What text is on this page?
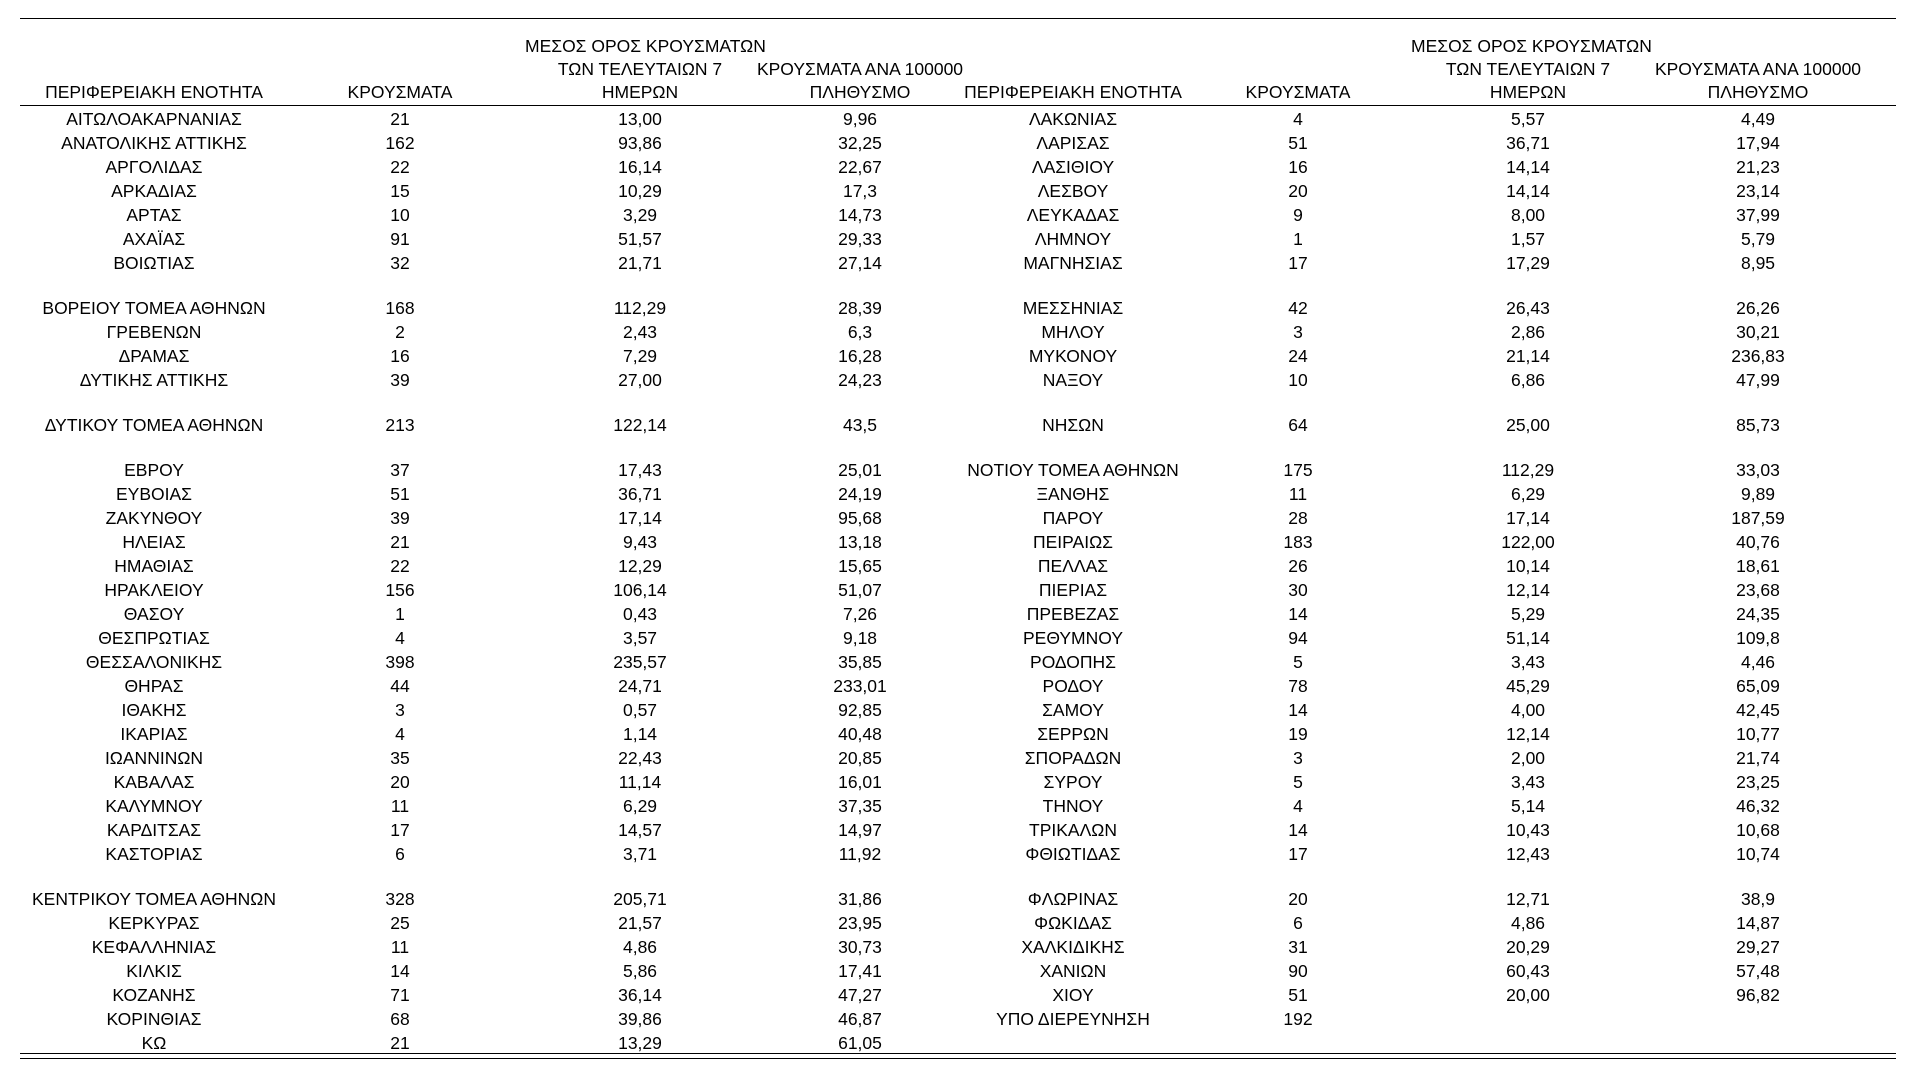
ΠΕΡΙΦΕΡΕΙΑΚΗ ΕΝΟΤΗΤΑ	ΚΡΟΥΣΜΑΤΑ
ΜΕΣΟΣ ΟΡΟΣ ΚΡΟΥΣΜΑΤΩΝ
ΤΩΝ ΤΕΛΕΥΤΑΙΩΝ 7
ΗΜΕΡΩΝ
ΚΡΟΥΣΜΑΤΑ ΑΝΑ 100000
ΠΛΗΘΥΣΜΟ
ΑΙΤΩΛΟΑΚΑΡΝΑΝΙΑΣ	21	13,00	9,96
ΑΝΑΤΟΛΙΚΗΣ ΑΤΤΙΚΗΣ	162	93,86	32,25
ΑΡΓΟΛΙΔΑΣ	22	16,14	22,67
ΑΡΚΑΔΙΑΣ	15	10,29	17,3
ΑΡΤΑΣ	10	3,29	14,73
ΑΧΑΪΑΣ	91	51,57	29,33
ΒΟΙΩΤΙΑΣ	32	21,71	27,14
ΒΟΡΕΙΟΥ ΤΟΜΕΑ ΑΘΗΝΩΝ	168	112,29	28,39
ΓΡΕΒΕΝΩΝ	2	2,43	6,3
ΔΡΑΜΑΣ	16	7,29	16,28
ΔΥΤΙΚΗΣ ΑΤΤΙΚΗΣ	39	27,00	24,23
ΔΥΤΙΚΟΥ ΤΟΜΕΑ ΑΘΗΝΩΝ	213	122,14	43,5
ΕΒΡΟΥ	37	17,43	25,01
ΕΥΒΟΙΑΣ	51	36,71	24,19
ΖΑΚΥΝΘΟΥ	39	17,14	95,68
ΗΛΕΙΑΣ	21	9,43	13,18
ΗΜΑΘΙΑΣ	22	12,29	15,65
ΗΡΑΚΛΕΙΟΥ	156	106,14	51,07
ΘΑΣΟΥ	1	0,43	7,26
ΘΕΣΠΡΩΤΙΑΣ	4	3,57	9,18
ΘΕΣΣΑΛΟΝΙΚΗΣ	398	235,57	35,85
ΘΗΡΑΣ	44	24,71	233,01
ΙΘΑΚΗΣ	3	0,57	92,85
ΙΚΑΡΙΑΣ	4	1,14	40,48
ΙΩΑΝΝΙΝΩΝ	35	22,43	20,85
ΚΑΒΑΛΑΣ	20	11,14	16,01
ΚΑΛΥΜΝΟΥ	11	6,29	37,35
ΚΑΡΔΙΤΣΑΣ	17	14,57	14,97
ΚΑΣΤΟΡΙΑΣ	6	3,71	11,92
ΚΕΝΤΡΙΚΟΥ ΤΟΜΕΑ ΑΘΗΝΩΝ	328	205,71	31,86
ΚΕΡΚΥΡΑΣ	25	21,57	23,95
ΚΕΦΑΛΛΗΝΙΑΣ	11	4,86	30,73
ΚΙΛΚΙΣ	14	5,86	17,41
ΚΟΖΑΝΗΣ	71	36,14	47,27
ΚΟΡΙΝΘΙΑΣ	68	39,86	46,87
ΚΩ	21	13,29	61,05
ΠΕΡΙΦΕΡΕΙΑΚΗ ΕΝΟΤΗΤΑ	ΚΡΟΥΣΜΑΤΑ
ΜΕΣΟΣ ΟΡΟΣ ΚΡΟΥΣΜΑΤΩΝ
ΤΩΝ ΤΕΛΕΥΤΑΙΩΝ 7
ΗΜΕΡΩΝ
ΚΡΟΥΣΜΑΤΑ ΑΝΑ 100000
ΠΛΗΘΥΣΜΟ
ΛΑΚΩΝΙΑΣ	4	5,57	4,49
ΛΑΡΙΣΑΣ	51	36,71	17,94
ΛΑΣΙΘΙΟΥ	16	14,14	21,23
ΛΕΣΒΟΥ	20	14,14	23,14
ΛΕΥΚΑΔΑΣ	9	8,00	37,99
ΛΗΜΝΟΥ	1	1,57	5,79
ΜΑΓΝΗΣΙΑΣ	17	17,29	8,95
ΜΕΣΣΗΝΙΑΣ	42	26,43	26,26
ΜΗΛΟΥ	3	2,86	30,21
ΜΥΚΟΝΟΥ	24	21,14	236,83
ΝΑΞΟΥ	10	6,86	47,99
ΝΗΣΩΝ	64	25,00	85,73
ΝΟΤΙΟΥ ΤΟΜΕΑ ΑΘΗΝΩΝ	175	112,29	33,03
ΞΑΝΘΗΣ	11	6,29	9,89
ΠΑΡΟΥ	28	17,14	187,59
ΠΕΙΡΑΙΩΣ	183	122,00	40,76
ΠΕΛΛΑΣ	26	10,14	18,61
ΠΙΕΡΙΑΣ	30	12,14	23,68
ΠΡΕΒΕΖΑΣ	14	5,29	24,35
ΡΕΘΥΜΝΟΥ	94	51,14	109,8
ΡΟΔΟΠΗΣ	5	3,43	4,46
ΡΟΔΟΥ	78	45,29	65,09
ΣΑΜΟΥ	14	4,00	42,45
ΣΕΡΡΩΝ	19	12,14	10,77
ΣΠΟΡΑΔΩΝ	3	2,00	21,74
ΣΥΡΟΥ	5	3,43	23,25
ΤΗΝΟΥ	4	5,14	46,32
ΤΡΙΚΑΛΩΝ	14	10,43	10,68
ΦΘΙΩΤΙΔΑΣ	17	12,43	10,74
ΦΛΩΡΙΝΑΣ	20	12,71	38,9
ΦΩΚΙΔΑΣ	6	4,86	14,87
ΧΑΛΚΙΔΙΚΗΣ	31	20,29	29,27
ΧΑΝΙΩΝ	90	60,43	57,48
ΧΙΟΥ	51	20,00	96,82
ΥΠΟ ΔΙΕΡΕΥΝΗΣΗ	192
